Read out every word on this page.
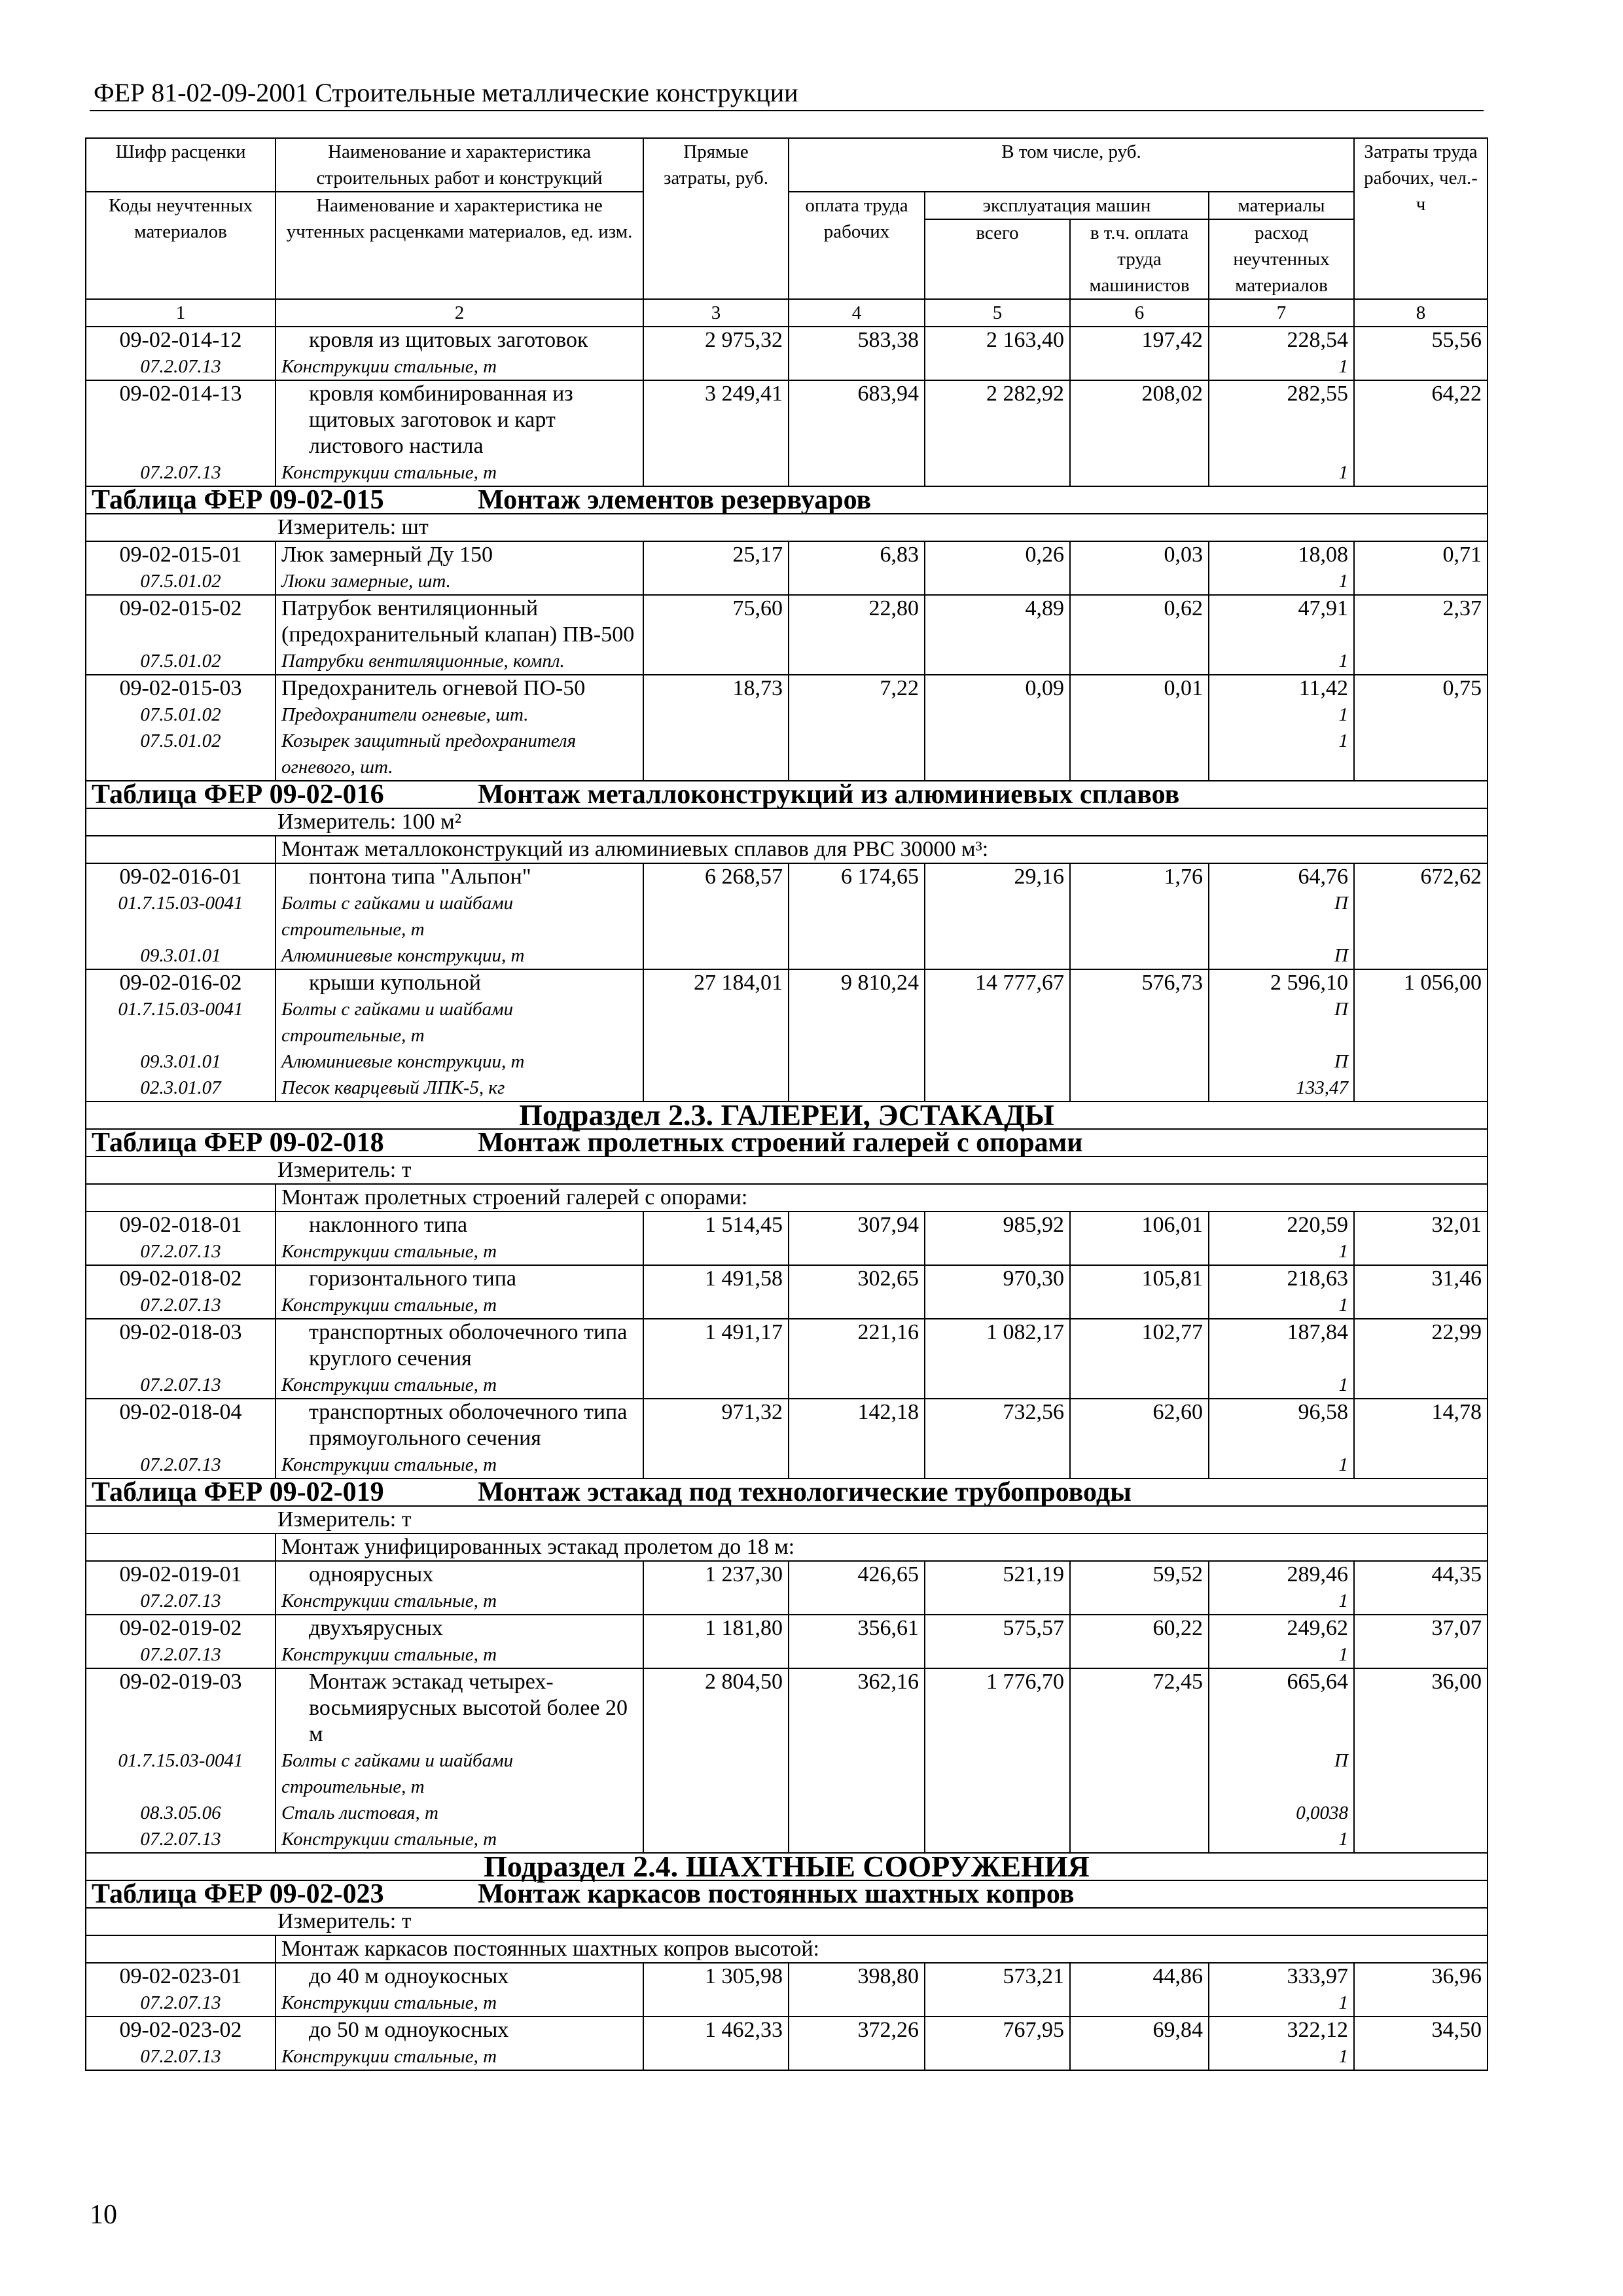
ФЕР 81-02-09-2001 Строительные металлические конструкции
Шифр расценки	Наименование и характеристика строительных работ и конструкций	Прямые затраты, руб.	В том числе, руб.				Затраты труда рабочих, чел.-ч
Коды неучтенных материалов	Наименование и характеристика не учтенных расценками материалов, ед. изм.		оплата труда рабочих	эксплуатация машин		материалы	
				всего	в т.ч. оплата труда машинистов	расход неучтенных материалов	

1	2	3	4	5	6	7	8
09-02-014-12	кровля из щитовых заготовок	2 975,32	583,38	2 163,40	197,42	228,54	55,56
07.2.07.13	Конструкции стальные, т					1	
09-02-014-13	кровля комбинированная из щитовых заготовок и карт листового настила	3 249,41	683,94	2 282,92	208,02	282,55	64,22
07.2.07.13	Конструкции стальные, т					1	
Таблица ФЕР 09-02-015 Монтаж элементов резервуаров							
Измеритель: шт							
09-02-015-01	Люк замерный Ду 150	25,17	6,83	0,26	0,03	18,08	0,71
07.5.01.02	Люки замерные, шт.					1	
09-02-015-02	Патрубок вентиляционный (предохранительный клапан) ПВ-500	75,60	22,80	4,89	0,62	47,91	2,37
07.5.01.02	Патрубки вентиляционные, компл.					1	
09-02-015-03	Предохранитель огневой ПО-50	18,73	7,22	0,09	0,01	11,42	0,75
07.5.01.02	Предохранители огневые, шт.					1	
07.5.01.02	Козырек защитный предохранителя огневого, шт.					1	
Таблица ФЕР 09-02-016 Монтаж металлоконструкций из алюминиевых сплавов							
Измеритель: 100 м²							
	Монтаж металлоконструкций из алюминиевых сплавов для РВС 30000 м³:						
09-02-016-01	понтона типа "Альпон"	6 268,57	6 174,65	29,16	1,76	64,76	672,62
01.7.15.03-0041	Болты с гайками и шайбами строительные, т					П	
09.3.01.01	Алюминиевые конструкции, т					П	
09-02-016-02	крыши купольной	27 184,01	9 810,24	14 777,67	576,73	2 596,10	1 056,00
01.7.15.03-0041	Болты с гайками и шайбами строительные, т					П	
09.3.01.01	Алюминиевые конструкции, т					П	
02.3.01.07	Песок кварцевый ЛПК-5, кг					133,47	
Подраздел 2.3. ГАЛЕРЕИ, ЭСТАКАДЫ							
Таблица ФЕР 09-02-018 Монтаж пролетных строений галерей с опорами							
Измеритель: т							
	Монтаж пролетных строений галерей с опорами:						
09-02-018-01	наклонного типа	1 514,45	307,94	985,92	106,01	220,59	32,01
07.2.07.13	Конструкции стальные, т					1	
09-02-018-02	горизонтального типа	1 491,58	302,65	970,30	105,81	218,63	31,46
07.2.07.13	Конструкции стальные, т					1	
09-02-018-03	транспортных оболочечного типа круглого сечения	1 491,17	221,16	1 082,17	102,77	187,84	22,99
07.2.07.13	Конструкции стальные, т					1	
09-02-018-04	транспортных оболочечного типа прямоугольного сечения	971,32	142,18	732,56	62,60	96,58	14,78
07.2.07.13	Конструкции стальные, т					1	
Таблица ФЕР 09-02-019 Монтаж эстакад под технологические трубопроводы							
Измеритель: т							
	Монтаж унифицированных эстакад пролетом до 18 м:						
09-02-019-01	одноярусных	1 237,30	426,65	521,19	59,52	289,46	44,35
07.2.07.13	Конструкции стальные, т					1	
09-02-019-02	двухъярусных	1 181,80	356,61	575,57	60,22	249,62	37,07
07.2.07.13	Конструкции стальные, т					1	
09-02-019-03	Монтаж эстакад четырех-восьмиярусных высотой более 20 м	2 804,50	362,16	1 776,70	72,45	665,64	36,00
01.7.15.03-0041	Болты с гайками и шайбами строительные, т					П	
08.3.05.06	Сталь листовая, т					0,0038	
07.2.07.13	Конструкции стальные, т					1	
Подраздел 2.4. ШАХТНЫЕ СООРУЖЕНИЯ							
Таблица ФЕР 09-02-023 Монтаж каркасов постоянных шахтных копров							
Измеритель: т							
	Монтаж каркасов постоянных шахтных копров высотой:						
09-02-023-01	до 40 м одноукосных	1 305,98	398,80	573,21	44,86	333,97	36,96
07.2.07.13	Конструкции стальные, т					1	
09-02-023-02	до 50 м одноукосных	1 462,33	372,26	767,95	69,84	322,12	34,50
07.2.07.13	Конструкции стальные, т					1	
10
